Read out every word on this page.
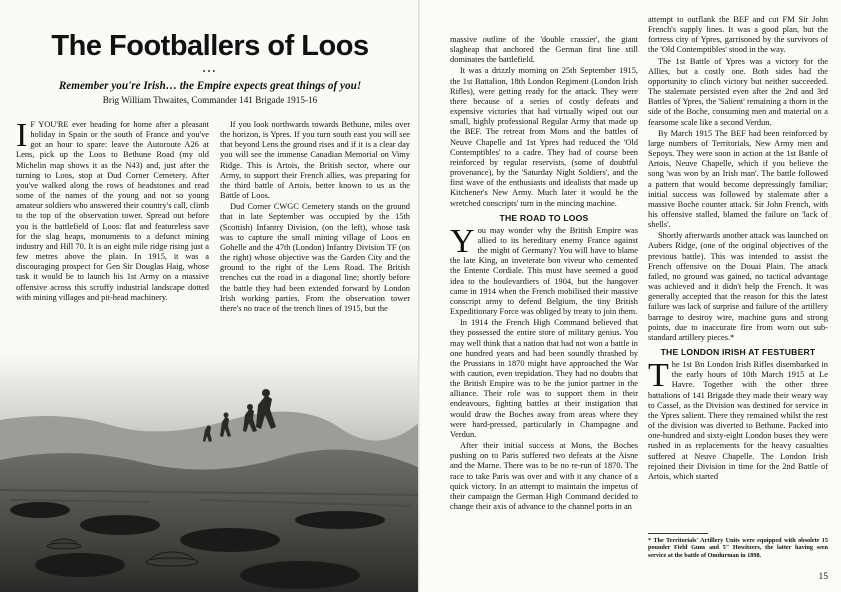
The Footballers of Loos
•••

Remember you're Irish… the Empire expects great things of you!

Brig William Thwaites, Commander 141 Brigade 1915-16

I F YOU'RE ever heading for home after a pleasant holiday in Spain or the south of France and you've got an hour to spare: leave the Autoroute A26 at Lens, pick up the Loos to Bethune Road (my old Michelin map shows it as the N43) and, just after the turning to Loos, stop at Dud Corner Cemetery. After you've walked along the rows of headstones and read some of the names of the young and not so young amateur soldiers who answered their country's call, climb to the top of the observation tower. Spread out before you is the battlefield of Loos: flat and featureless save for the slag heaps, monuments to a defunct mining industry and Hill 70. It is an eight mile ridge rising just a few metres above the plain. In 1915, it was a discouraging prospect for Gen Sir Douglas Haig, whose task it would be to launch his 1st Army on a massive offensive across this scruffy industrial landscape dotted with mining villages and pit-head machinery.

If you look northwards towards Bethune, miles over the horizon, is Ypres. If you turn south east you will see that beyond Lens the ground rises and if it is a clear day you will see the immense Canadian Memorial on Vimy Ridge. This is Artois, the British sector, where our Army, to support their French allies, was preparing for the third battle of Artois, better known to us as the Battle of Loos.

Dud Corner CWGC Cemetery stands on the ground that in late September was occupied by the 15th (Scottish) Infantry Division, (on the left), whose task was to capture the small mining village of Loos en Gohelle and the 47th (London) Infantry Division TF (on the right) whose objective was the Garden City and the ground to the right of the Lens Road. The British trenches cut the road in a diagonal line; shortly before the battle they had been extended forward by London Irish working parties. From the observation tower there's no trace of the trench lines of 1915, but the

massive outline of the 'double crassier', the giant slagheap that anchored the German first line still dominates the battlefield.

It was a drizzly morning on 25th September 1915, the 1st Battalion, 18th London Regiment (London Irish Rifles), were getting ready for the attack. They were there because of a series of costly defeats and expensive victories that had virtually wiped out our small, highly professional Regular Army that made up the BEF. The retreat from Mons and the battles of Neuve Chapelle and 1st Ypres had reduced the 'Old Contemptibles' to a cadre. They had of course been reinforced by regular reservists, (some of doubtful provenance), by the 'Saturday Night Soldiers', and the first wave of the enthusiasts and idealists that made up Kitchener's New Army. Much later it would be the wretched conscripts' turn in the mincing machine.

THE ROAD TO LOOS

You may wonder why the British Empire was allied to its hereditary enemy France against the might of Germany? You will have to blame the late King, an inveterate bon viveur who cemented the Entente Cordiale. This must have seemed a good idea to the boulevardiers of 1904, but the hangover came in 1914 when the French mobilised their massive conscript army to defend Belgium, the tiny British Expeditionary Force was obliged by treaty to join them.

In 1914 the French High Command believed that they possessed the entire store of military genius. You may well think that a nation that had not won a battle in one hundred years and had been soundly thrashed by the Prussians in 1870 might have approached the War with caution, even trepidation. They had no doubts that the British Empire was to be the junior partner in the alliance. Their role was to support them in their endeavours, fighting battles at their instigation that would draw the Boches away from areas where they were hard-pressed, particularly in Champagne and Verdun.

After their initial success at Mons, the Boches pushing on to Paris suffered two defeats at the Aisne and the Marne. There was to be no re-run of 1870. The race to take Paris was over and with it any chance of a quick victory. In an attempt to maintain the impetus of their campaign the German High Command decided to change their axis of advance to the channel ports in an

attempt to outflank the BEF and cut FM Sir John French's supply lines. It was a good plan, but the fortress city of Ypres, garrisoned by the survivors of the 'Old Contemptibles' stood in the way.

The 1st Battle of Ypres was a victory for the Allies, but a costly one. Both sides had the opportunity to clinch victory but neither succeeded. The stalemate persisted even after the 2nd and 3rd Battles of Ypres, the 'Salient' remaining a thorn in the side of the Boche, consuming men and material on a fearsome scale like a second Verdun.

By March 1915 The BEF had been reinforced by large numbers of Territorials, New Army men and Sepoys. They were soon in action at the 1st Battle of Artois, Neuve Chapelle, which if you believe the song 'was won by an Irish man'. The battle followed a pattern that would become depressingly familiar; initial success was followed by stalemate after a massive Boche counter attack. Sir John French, with his offensive stalled, blamed the failure on 'lack of shells'.

Shortly afterwards another attack was launched on Aubers Ridge, (one of the original objectives of the previous battle). This was intended to assist the French offensive on the Douai Plain. The attack failed, no ground was gained, no tactical advantage was achieved and it didn't help the French. It was generally accepted that the reason for this the latest failure was lack of surprise and failure of the artillery barrage to destroy wire, machine guns and strong points, due to inaccurate fire from worn out sub-standard artillery pieces.*

THE LONDON IRISH AT FESTUBERT

The 1st Bn London Irish Rifles disembarked in the early hours of 10th March 1915 at Le Havre. Together with the other three battalions of 141 Brigade they made their weary way to Cassel, as the Division was destined for service in the Ypres salient. There they remained whilst the rest of the division was diverted to Bethune. Packed into one-hundred and sixty-eight London buses they were rushed in as replacements for the heavy casualties suffered at Neuve Chapelle. The London Irish rejoined their Division in time for the 2nd Battle of Artois, which started

* The Territorials' Artillery Units were equipped with obsolete 15 pounder Field Guns and 5" Howitzers, the latter having seen service at the battle of Omdurman in 1898.
15
